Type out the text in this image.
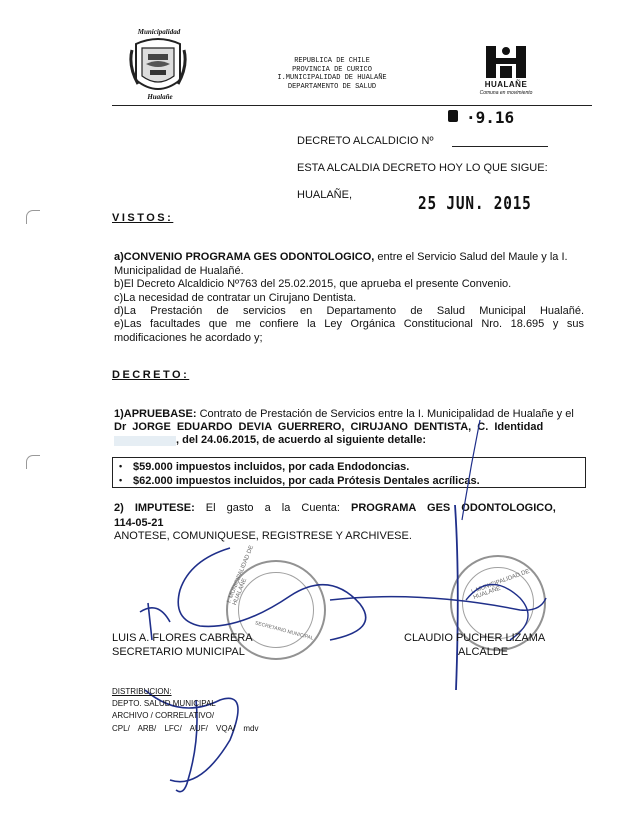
Municipalidad
Hualañe
REPUBLICA DE CHILE
PROVINCIA DE CURICO
I.MUNICIPALIDAD DE HUALAÑE
DEPARTAMENTO DE SALUD	HUALAÑE
Comuna en movimiento
·9.16
DECRETO ALCALDICIO Nº
ESTA ALCALDIA DECRETO HOY LO QUE SIGUE:
HUALAÑE,	25 JUN. 2015
VISTOS:
a)CONVENIO PROGRAMA GES ODONTOLOGICO, entre el Servicio Salud del Maule y la I. Municipalidad de Hualañé.
b)El Decreto Alcaldicio Nº763 del 25.02.2015, que aprueba el presente Convenio.
c)La necesidad de contratar un Cirujano Dentista.
d)La Prestación de servicios en Departamento de Salud Municipal Hualañé.
e)Las facultades que me confiere la Ley Orgánica Constitucional Nro. 18.695 y sus modificaciones he acordado y;
DECRETO:
1)APRUEBASE: Contrato de Prestación de Servicios entre la I. Municipalidad de Hualañe y el
Dr JORGE EDUARDO DEVIA GUERRERO, CIRUJANO DENTISTA, C. Identidad
, del 24.06.2015, de acuerdo al siguiente detalle:
• $59.000 impuestos incluidos, por cada Endodoncias.
• $62.000 impuestos incluidos, por cada Prótesis Dentales acrílicas.
2) IMPUTESE: El gasto a la Cuenta: PROGRAMA GES ODONTOLOGICO,
114-05-21
ANOTESE, COMUNIQUESE, REGISTRESE Y ARCHIVESE.
I. MUNICIPALIDAD DE HUALAÑE
SECRETARIO MUNICIPAL
I. MUNICIPALIDAD DE HUALAÑE
LUIS A. FLORES CABRERA
SECRETARIO MUNICIPAL
CLAUDIO PUCHER LIZAMA
ALCALDE
DISTRIBUCION:
DEPTO. SALUD MUNICIPAL
ARCHIVO / CORRELATIVO/
CPL/ ARB/ LFC/ AUF/ VQA/ mdv
